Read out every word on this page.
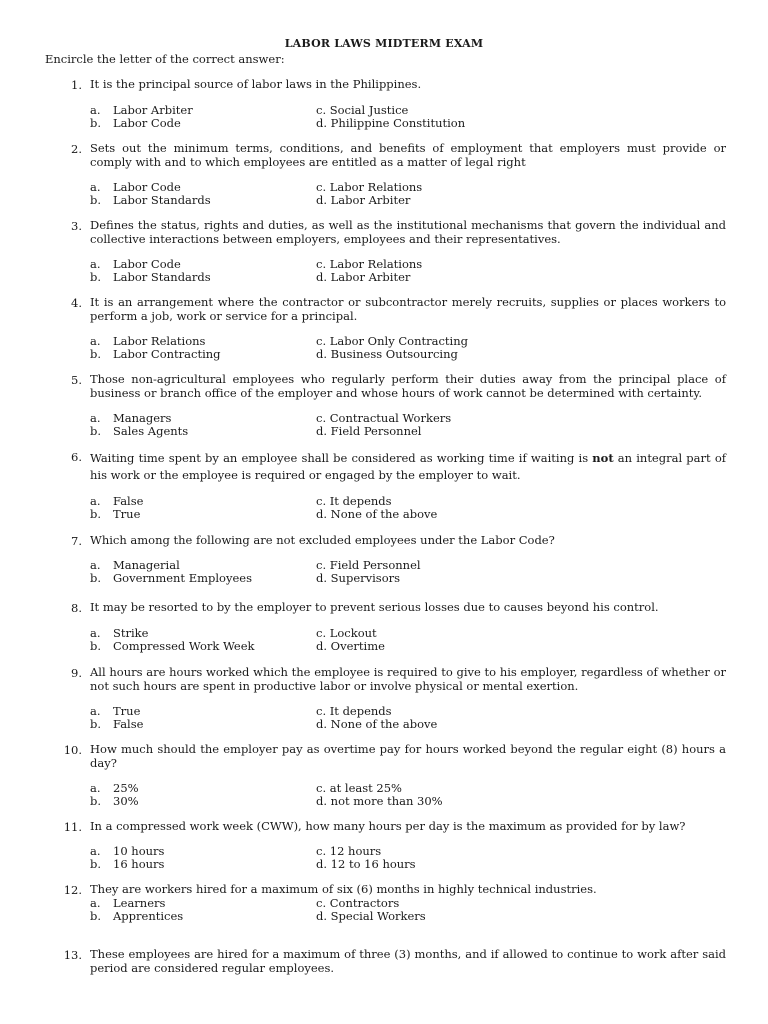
LABOR LAWS MIDTERM EXAM
Encircle the letter of the correct answer:
1. It is the principal source of labor laws in the Philippines.
a. Labor Arbiter
b. Labor Code
c. Social Justice
d. Philippine Constitution
2. Sets out the minimum terms, conditions, and benefits of employment that employers must provide or comply with and to which employees are entitled as a matter of legal right
a. Labor Code
b. Labor Standards
c. Labor Relations
d. Labor Arbiter
3. Defines the status, rights and duties, as well as the institutional mechanisms that govern the individual and collective interactions between employers, employees and their representatives.
a. Labor Code
b. Labor Standards
c. Labor Relations
d. Labor Arbiter
4. It is an arrangement where the contractor or subcontractor merely recruits, supplies or places workers to perform a job, work or service for a principal.
a. Labor Relations
b. Labor Contracting
c. Labor Only Contracting
d. Business Outsourcing
5. Those non-agricultural employees who regularly perform their duties away from the principal place of business or branch office of the employer and whose hours of work cannot be determined with certainty.
a. Managers
b. Sales Agents
c. Contractual Workers
d. Field Personnel
6. Waiting time spent by an employee shall be considered as working time if waiting is not an integral part of his work or the employee is required or engaged by the employer to wait.
a. False
b. True
c. It depends
d. None of the above
7. Which among the following are not excluded employees under the Labor Code?
a. Managerial
b. Government Employees
c. Field Personnel
d. Supervisors
8. It may be resorted to by the employer to prevent serious losses due to causes beyond his control.
a. Strike
b. Compressed Work Week
c. Lockout
d. Overtime
9. All hours are hours worked which the employee is required to give to his employer, regardless of whether or not such hours are spent in productive labor or involve physical or mental exertion.
a. True
b. False
c. It depends
d. None of the above
10. How much should the employer pay as overtime pay for hours worked beyond the regular eight (8) hours a day?
a. 25%
b. 30%
c. at least 25%
d. not more than 30%
11. In a compressed work week (CWW), how many hours per day is the maximum as provided for by law?
a. 10 hours
b. 16 hours
c. 12 hours
d. 12 to 16 hours
12. They are workers hired for a maximum of six (6) months in highly technical industries.
a. Learners
b. Apprentices
c. Contractors
d. Special Workers
13. These employees are hired for a maximum of three (3) months, and if allowed to continue to work after said period are considered regular employees.
